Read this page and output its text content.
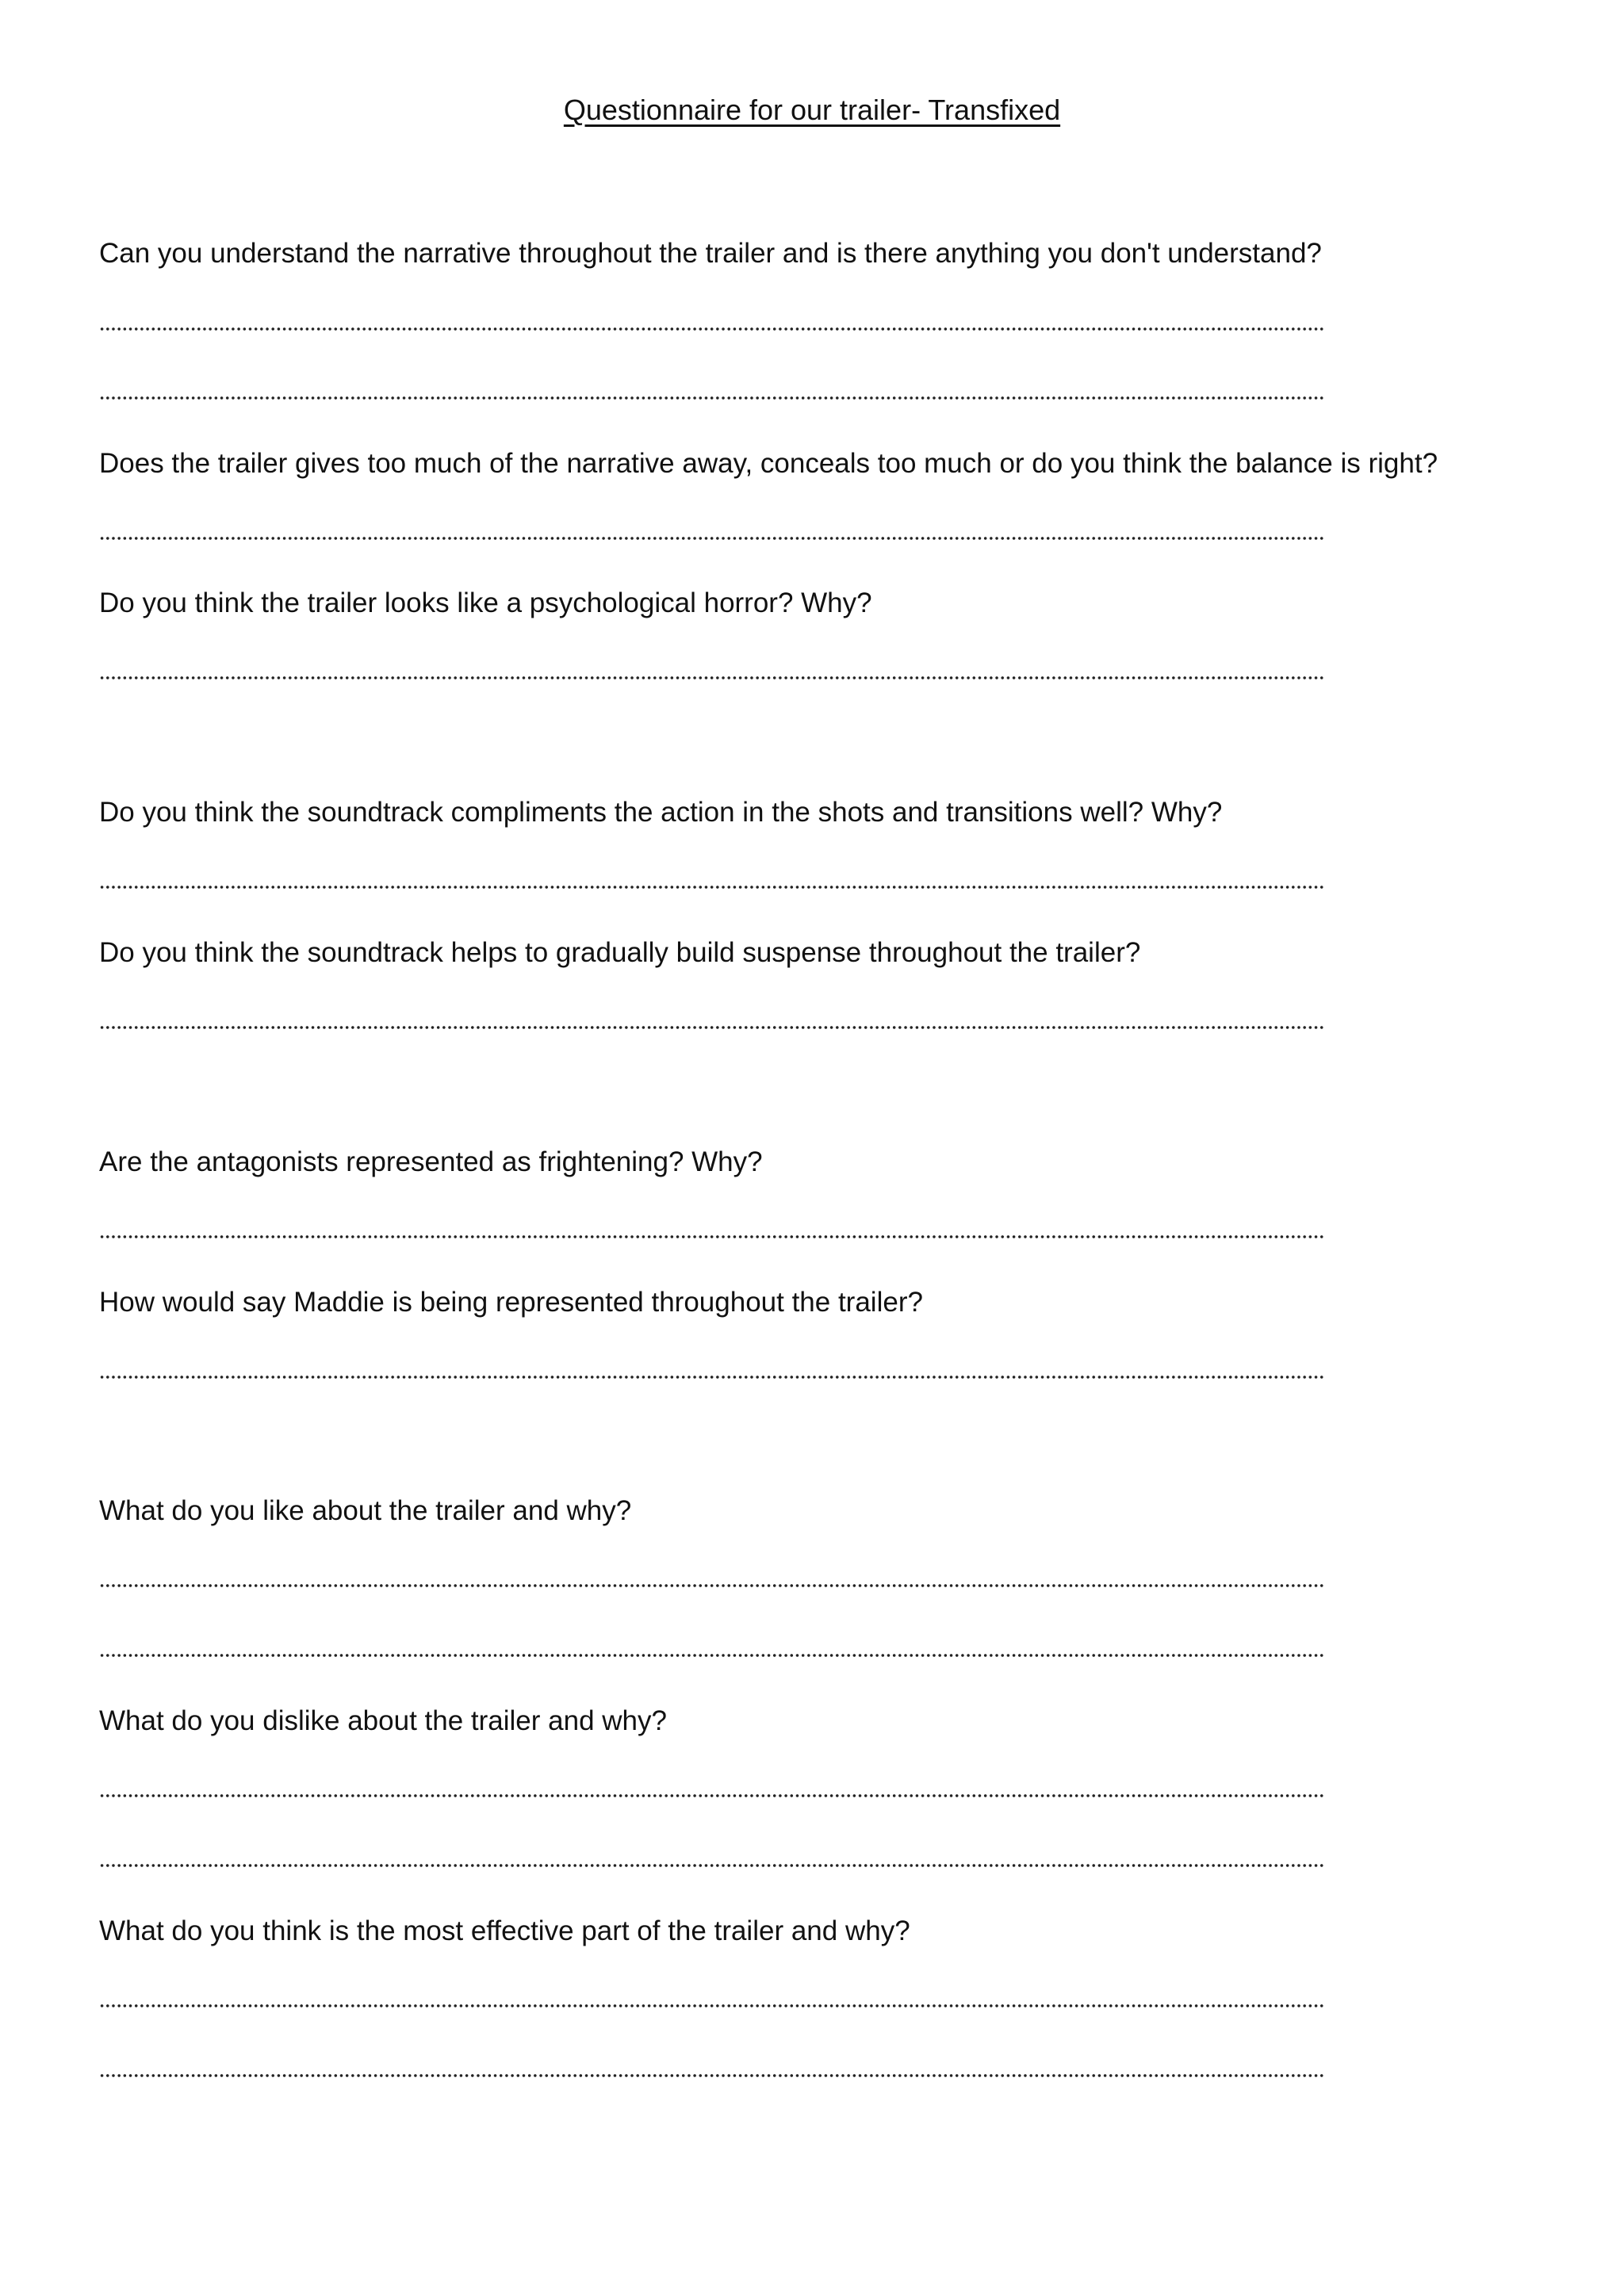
Questionnaire for our trailer- Transfixed
Can you understand the narrative throughout the trailer and is there anything you don't understand?
Does the trailer gives too much of the narrative away, conceals too much or do you think the balance is right?
Do you think the trailer looks like a psychological horror? Why?
Do you think the soundtrack compliments the action in the shots and transitions well? Why?
Do you think the soundtrack helps to gradually build suspense throughout the trailer?
Are the antagonists represented as frightening? Why?
How would say Maddie is being represented throughout the trailer?
What do you like about the trailer and why?
What do you dislike about the trailer and why?
What do you think is the most effective part of the trailer and why?
